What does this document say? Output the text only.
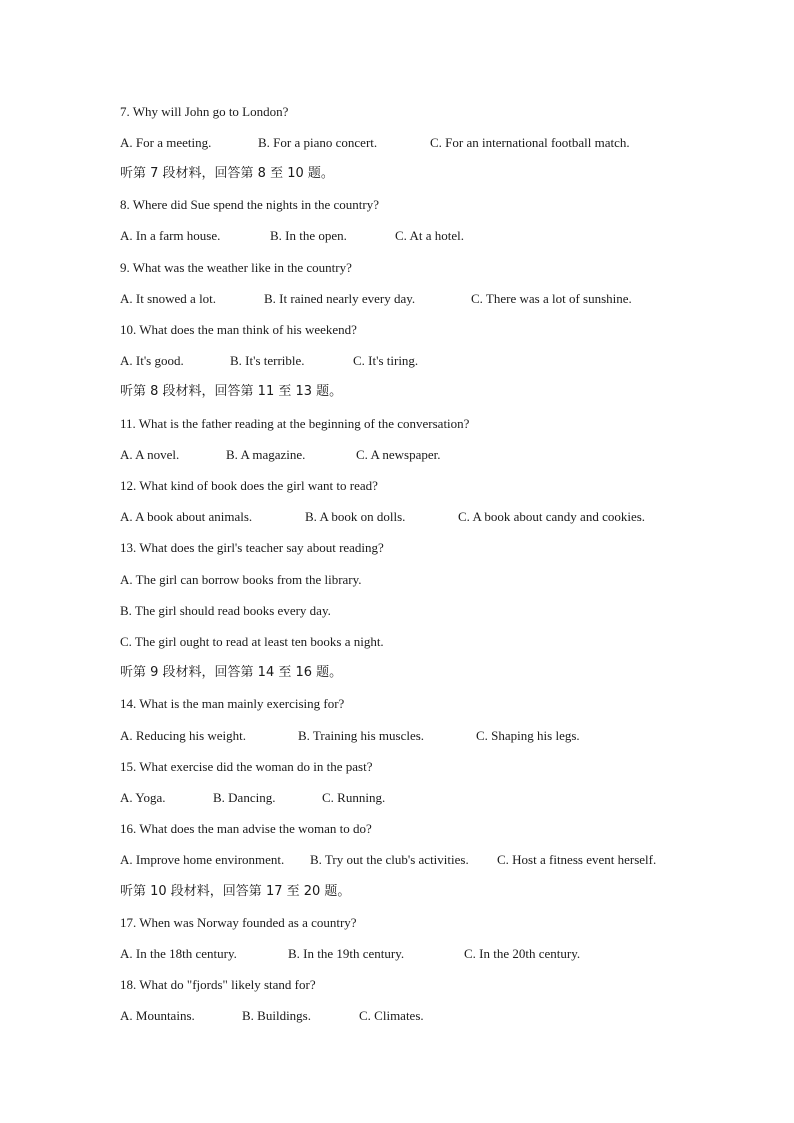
7. Why will John go to London?
A. For a meeting.	B. For a piano concert.	C. For an international football match.
听第 7 段材料，回答第 8 至 10 题。
8. Where did Sue spend the nights in the country?
A. In a farm house.	B. In the open.	C. At a hotel.
9. What was the weather like in the country?
A. It snowed a lot.	B. It rained nearly every day.	C. There was a lot of sunshine.
10. What does the man think of his weekend?
A. It's good.	B. It's terrible.	C. It's tiring.
听第 8 段材料，回答第 11 至 13 题。
11. What is the father reading at the beginning of the conversation?
A. A novel.	B. A magazine.	C. A newspaper.
12. What kind of book does the girl want to read?
A. A book about animals.	B. A book on dolls.	C. A book about candy and cookies.
13. What does the girl's teacher say about reading?
A. The girl can borrow books from the library.
B. The girl should read books every day.
C. The girl ought to read at least ten books a night.
听第 9 段材料，回答第 14 至 16 题。
14. What is the man mainly exercising for?
A. Reducing his weight.	B. Training his muscles.	C. Shaping his legs.
15. What exercise did the woman do in the past?
A. Yoga.	B. Dancing.	C. Running.
16. What does the man advise the woman to do?
A. Improve home environment. B. Try out the club's activities. C. Host a fitness event herself.
听第 10 段材料，回答第 17 至 20 题。
17. When was Norway founded as a country?
A. In the 18th century.	B. In the 19th century.	C. In the 20th century.
18. What do "fjords" likely stand for?
A. Mountains.	B. Buildings.	C. Climates.
